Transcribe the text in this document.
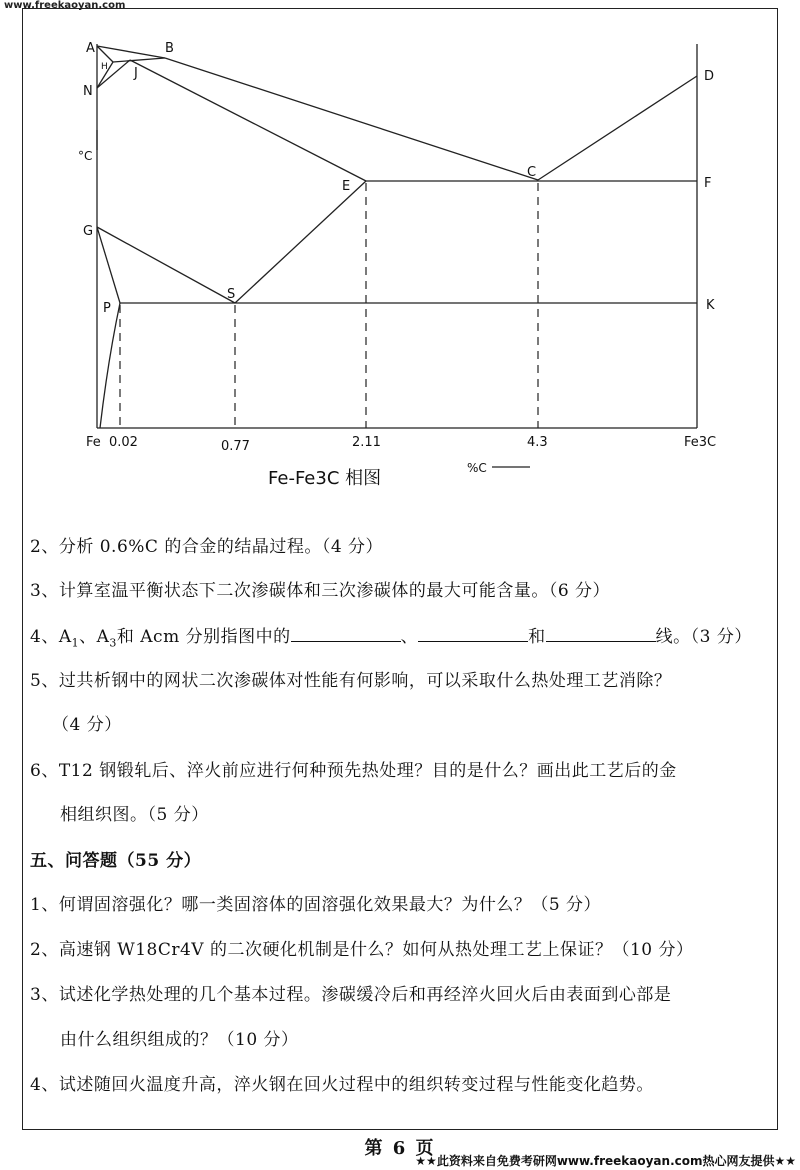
www.freekaoyan.com
A	B
H J
N
D
C
E	F
G
S
P	K
°C
Fe 0.02	0.77	2.11	4.3	Fe3C
Fe-Fe3C 相图	%C
2、分析 0.6%C 的合金的结晶过程。（4 分）
3、计算室温平衡状态下二次渗碳体和三次渗碳体的最大可能含量。（6 分）
4、$A_1$、$A_3$和 Acm 分别指图中的	、	和	线。（3 分）
5、过共析钢中的网状二次渗碳体对性能有何影响，可以采取什么热处理工艺消除？
（4 分）
6、T12 钢锻轧后、淬火前应进行何种预先热处理？目的是什么？画出此工艺后的金
相组织图。（5 分）
五、问答题（55 分）
1、何谓固溶强化？哪一类固溶体的固溶强化效果最大？为什么？（5 分）
2、高速钢 W18Cr4V 的二次硬化机制是什么？如何从热处理工艺上保证？（10 分）
3、试述化学热处理的几个基本过程。渗碳缓冷后和再经淬火回火后由表面到心部是
由什么组织组成的？（10 分）
4、试述随回火温度升高，淬火钢在回火过程中的组织转变过程与性能变化趋势。
第 6 页
★★此资料来自免费考研网www.freekaoyan.com热心网友提供★★
